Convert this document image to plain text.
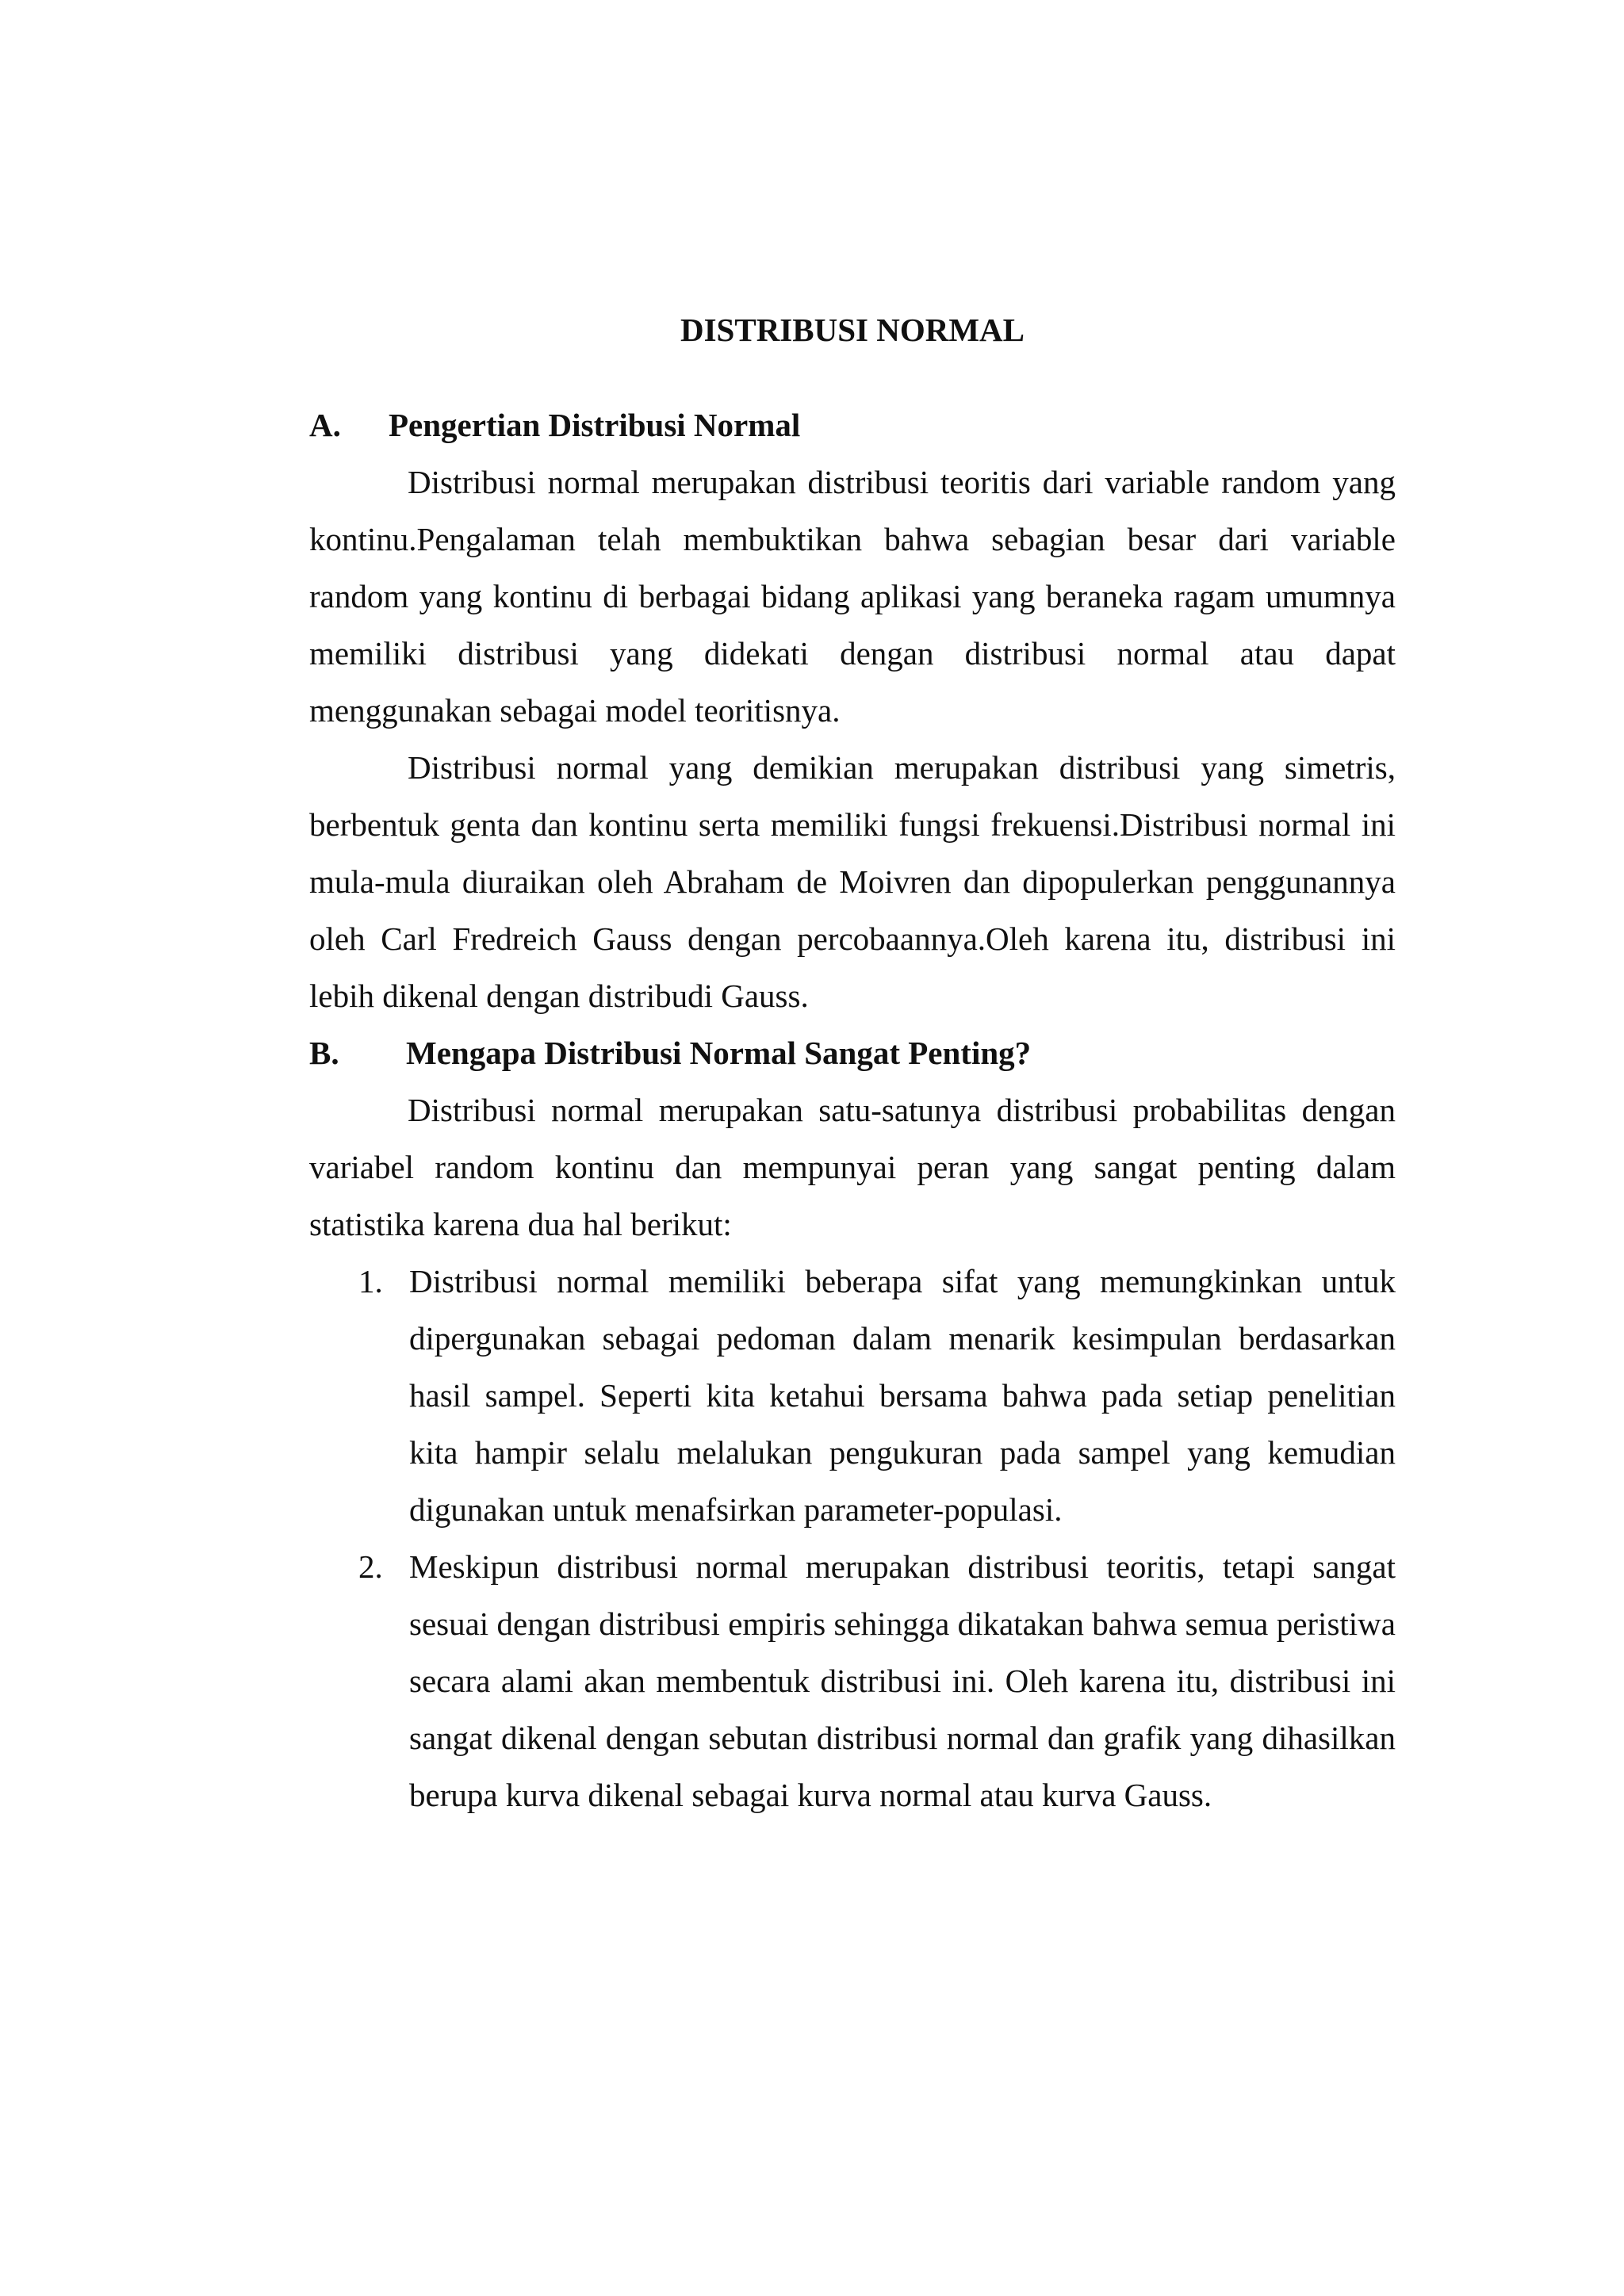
DISTRIBUSI NORMAL
A.	Pengertian Distribusi Normal

Distribusi normal merupakan distribusi teoritis dari variable random yang kontinu.Pengalaman telah membuktikan bahwa sebagian besar dari variable random yang kontinu di berbagai bidang aplikasi yang beraneka ragam umumnya memiliki distribusi yang didekati dengan distribusi normal atau dapat menggunakan sebagai model teoritisnya.

Distribusi normal yang demikian merupakan distribusi yang simetris, berbentuk genta dan kontinu serta memiliki fungsi frekuensi.Distribusi normal ini mula-mula diuraikan oleh Abraham de Moivren dan dipopulerkan penggunannya oleh Carl Fredreich Gauss dengan percobaannya.Oleh karena itu, distribusi ini lebih dikenal dengan distribudi Gauss.

B.	Mengapa Distribusi Normal Sangat Penting?

Distribusi normal merupakan satu-satunya distribusi probabilitas dengan variabel random kontinu dan mempunyai peran yang sangat penting dalam statistika karena dua hal berikut:

1. Distribusi normal memiliki beberapa sifat yang memungkinkan untuk dipergunakan sebagai pedoman dalam menarik kesimpulan berdasarkan hasil sampel. Seperti kita ketahui bersama bahwa pada setiap penelitian kita hampir selalu melalukan pengukuran pada sampel yang kemudian digunakan untuk menafsirkan parameter-populasi.
2. Meskipun distribusi normal merupakan distribusi teoritis, tetapi sangat sesuai dengan distribusi empiris sehingga dikatakan bahwa semua peristiwa secara alami akan membentuk distribusi ini. Oleh karena itu, distribusi ini sangat dikenal dengan sebutan distribusi normal dan grafik yang dihasilkan berupa kurva dikenal sebagai kurva normal atau kurva Gauss.
